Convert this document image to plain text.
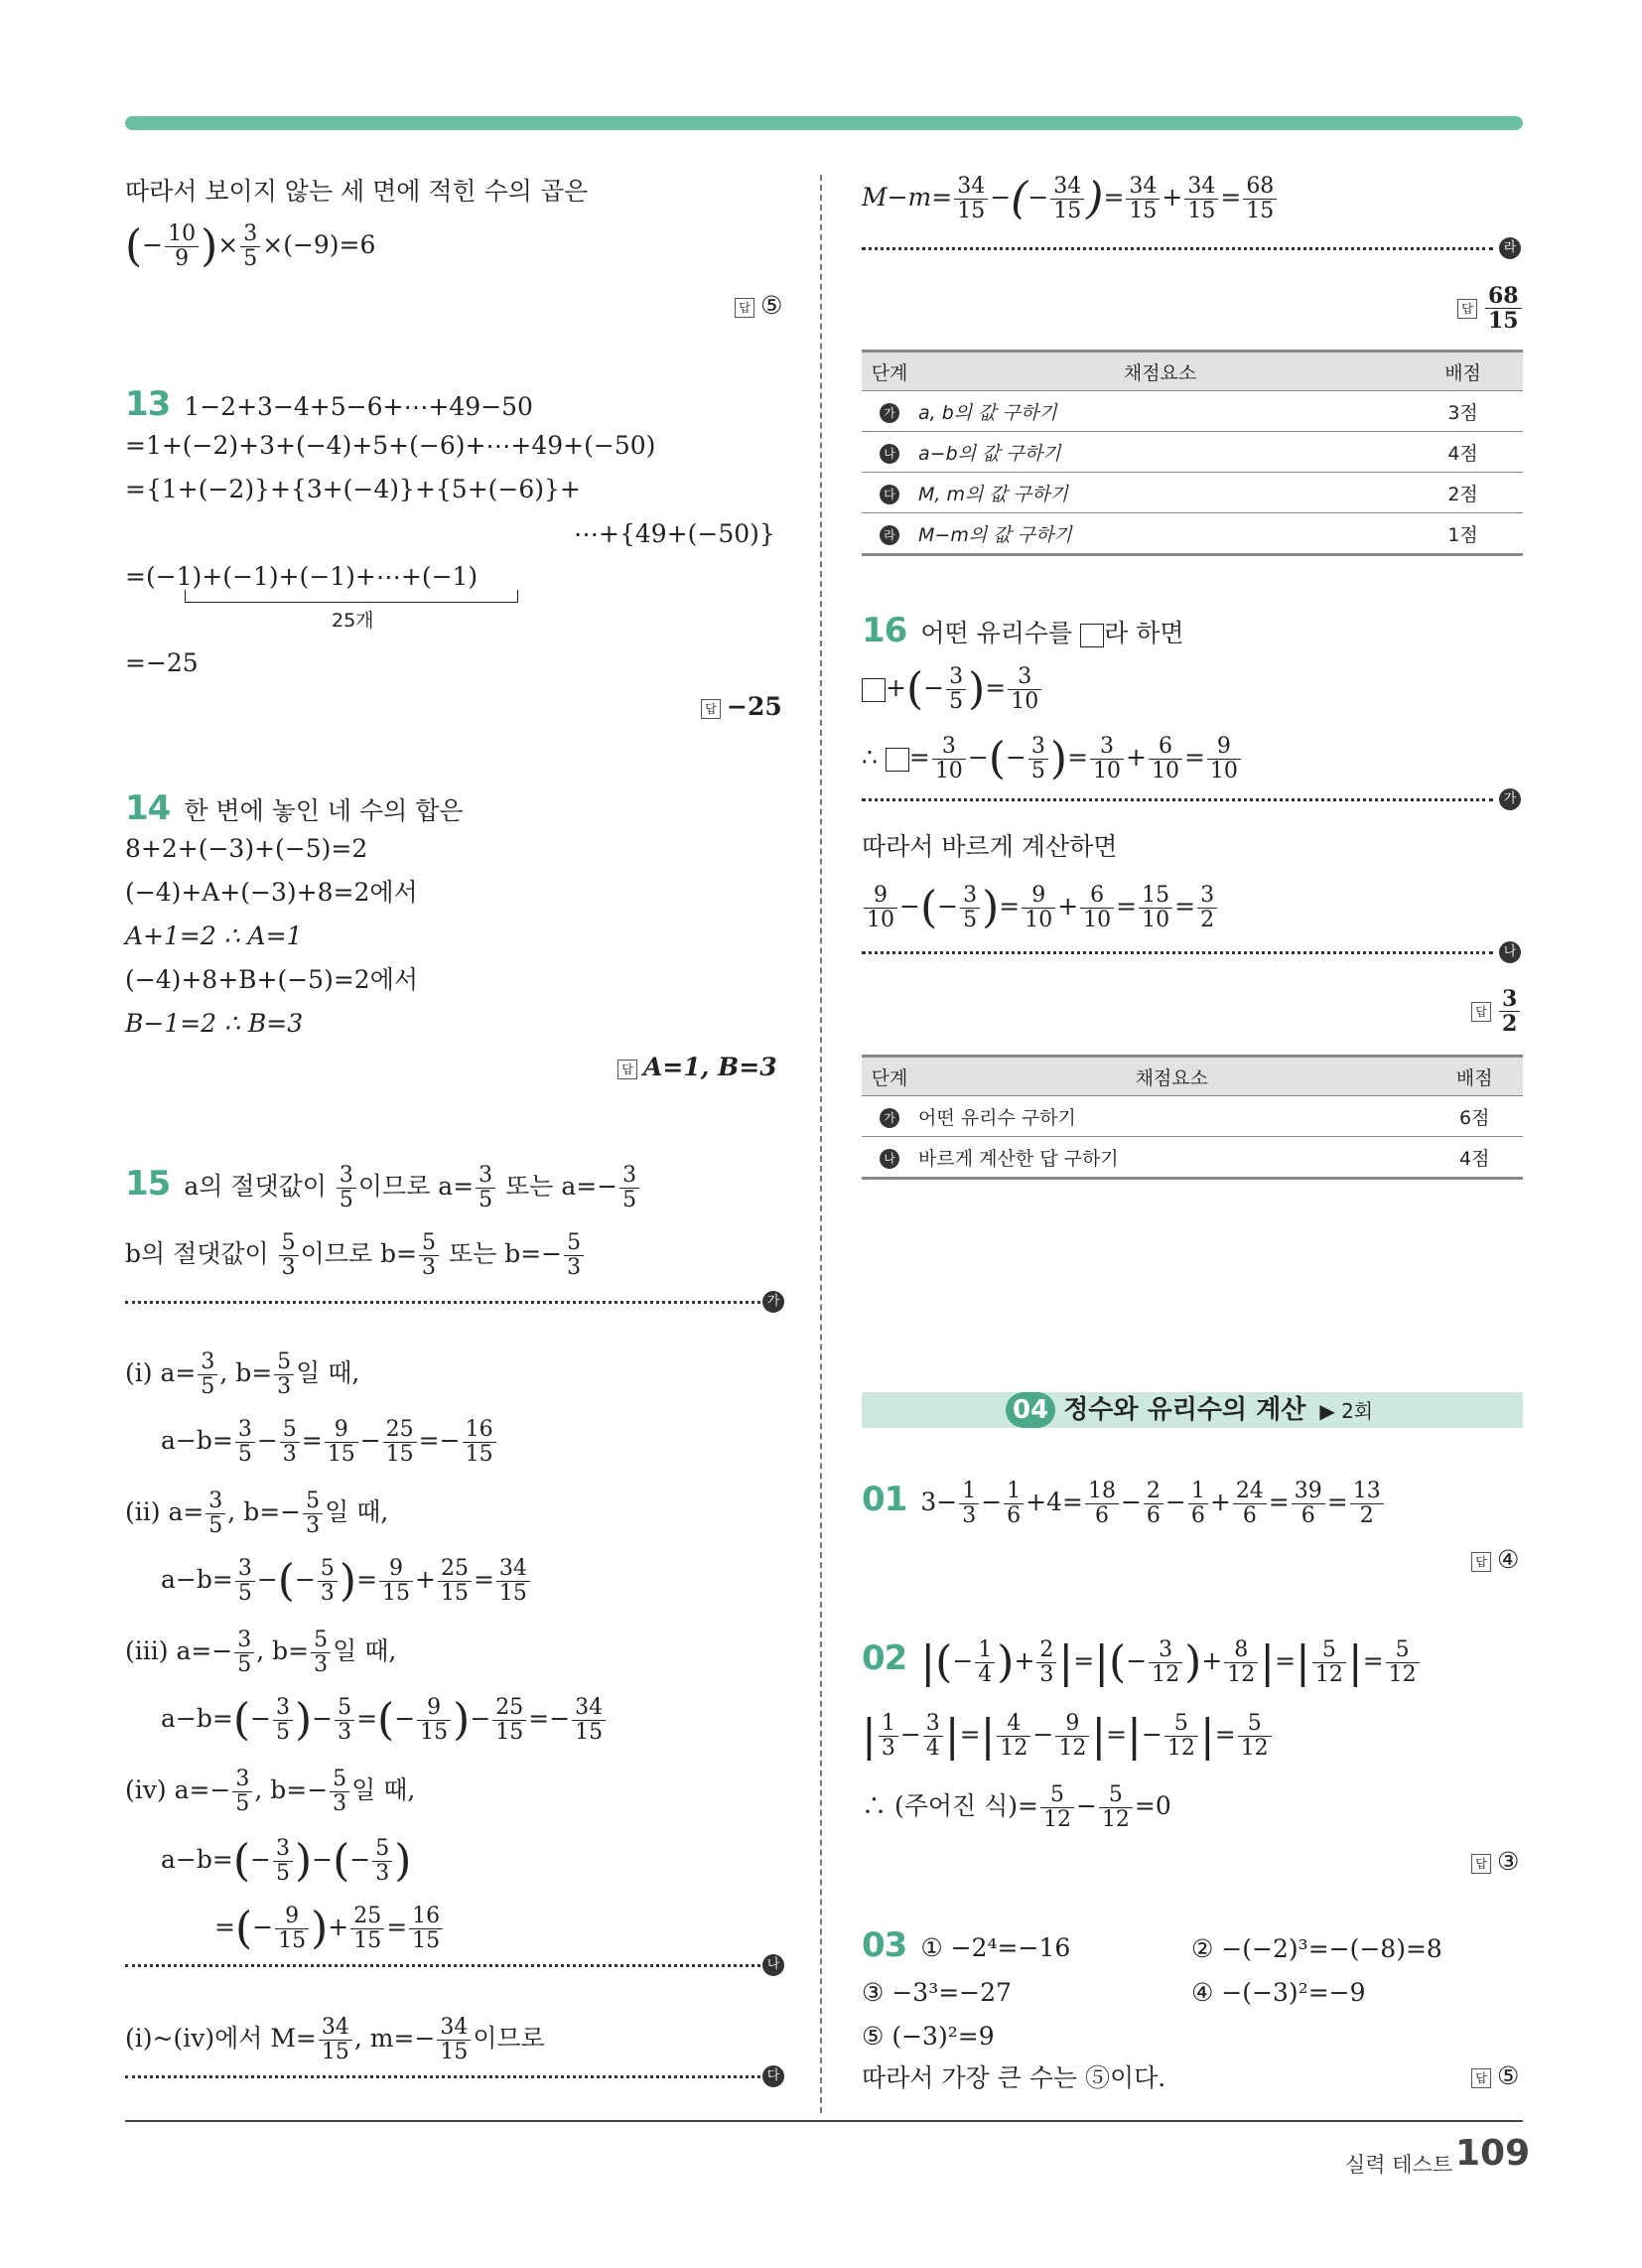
따라서 보이지 않는 세 면에 적힌 수의 곱은
(− $\frac{10}{9}$ )× $\frac{3}{5} \times(-9)=6$
답 ⑤
13 1−2+3−4+5−6+⋯+49−50
=1+(−2)+3+(−4)+5+(−6)+⋯+49+(−50)
={1+(−2)}+{3+(−4)}+{5+(−6)}+
⋯+{49+(−50)}
=(−1)+(−1)+(−1)+⋯+(−1)
25개
=−25
답 −25
14 한 변에 놓인 네 수의 합은
8+2+(−3)+(−5)=2
(−4)+A+(−3)+8=2에서
A+1=2 ∴ A=1
(−4)+8+B+(−5)=2에서
B−1=2 ∴ B=3
답 A=1, B=3
15 a의 절댓값이 $\frac{3}{5}$ 이므로 $a= \frac{3}{5}$ 또는 $a=- \frac{3}{5}$
b의 절댓값이 $\frac{5}{3}$ 이므로 $b= \frac{5}{3}$ 또는 $b=- \frac{5}{3}$
가
(ⅰ) $a= \frac{3}{5}$ , $b= \frac{5}{3}$ 일 때,
$a-b= \frac{3}{5} - \frac{5}{3} = \frac{9}{15} - \frac{25}{15} =- \frac{16}{15}$
(ⅱ) $a= \frac{3}{5}$ , $b=- \frac{5}{3}$ 일 때,
$a-b= \frac{3}{5}$ −(− $\frac{5}{3}$ )= $\frac{9}{15} + \frac{25}{15} = \frac{34}{15}$
(ⅲ) $a=- \frac{3}{5}$ , $b= \frac{5}{3}$ 일 때,
$a-b=(- \frac{3}{5}$ )− $\frac{5}{3}$ =(− $\frac{9}{15}$ )− $\frac{25}{15} =- \frac{34}{15}$
(ⅳ) $a=- \frac{3}{5}$ , $b=- \frac{5}{3}$ 일 때,
$a-b=(- \frac{3}{5}$ )−(− $\frac{5}{3}$ )
=(− $\frac{9}{15}$ )+ $\frac{25}{15} = \frac{16}{15}$
나
(ⅰ)~(ⅳ)에서 $M= \frac{34}{15}$ , $m=- \frac{34}{15}$ 이므로
다
$M-m= \frac{34}{15}$ −(− $\frac{34}{15}$ )= $\frac{34}{15} + \frac{34}{15} = \frac{68}{15}$
라
답 $\frac{68}{15}$
단계	채점요소	배점
가	a, b의 값 구하기	3점
나	a−b의 값 구하기	4점
다	M, m의 값 구하기	2점
라	M−m의 값 구하기	1점
16 어떤 유리수를 라 하면
+(− $\frac{3}{5}$ )= $\frac{3}{10}$
∴ = $\frac{3}{10}$ −(− $\frac{3}{5}$ )= $\frac{3}{10} + \frac{6}{10} = \frac{9}{10}$
가
따라서 바르게 계산하면
$\frac{9}{10}$ −(− $\frac{3}{5}$ )= $\frac{9}{10} + \frac{6}{10} = \frac{15}{10} = \frac{3}{2}$
나
답 $\frac{3}{2}$
단계	채점요소	배점
가	어떤 유리수 구하기	6점
나	바르게 계산한 답 구하기	4점
04 정수와 유리수의 계산 ▶ 2회
01 $3- \frac{1}{3} - \frac{1}{6} +4= \frac{18}{6} - \frac{2}{6} - \frac{1}{6} + \frac{24}{6} = \frac{39}{6} = \frac{13}{2}$
답 ④
02 |(− $\frac{1}{4}$ )+ $\frac{2}{3}$ |=|(− $\frac{3}{12}$ )+ $\frac{8}{12}$ |=| $\frac{5}{12}$ |= $\frac{5}{12}$
| $\frac{1}{3} - \frac{3}{4}$ |=| $\frac{4}{12} - \frac{9}{12}$ |=|− $\frac{5}{12}$ |= $\frac{5}{12}$
∴ (주어진 식)= $\frac{5}{12} - \frac{5}{12} =0$
답 ③
03 ① −2⁴=−16	② −(−2)³=−(−8)=8
③ −3³=−27	④ −(−3)²=−9
⑤ (−3)²=9
따라서 가장 큰 수는 ⑤이다.	답 ⑤
실력 테스트 109
